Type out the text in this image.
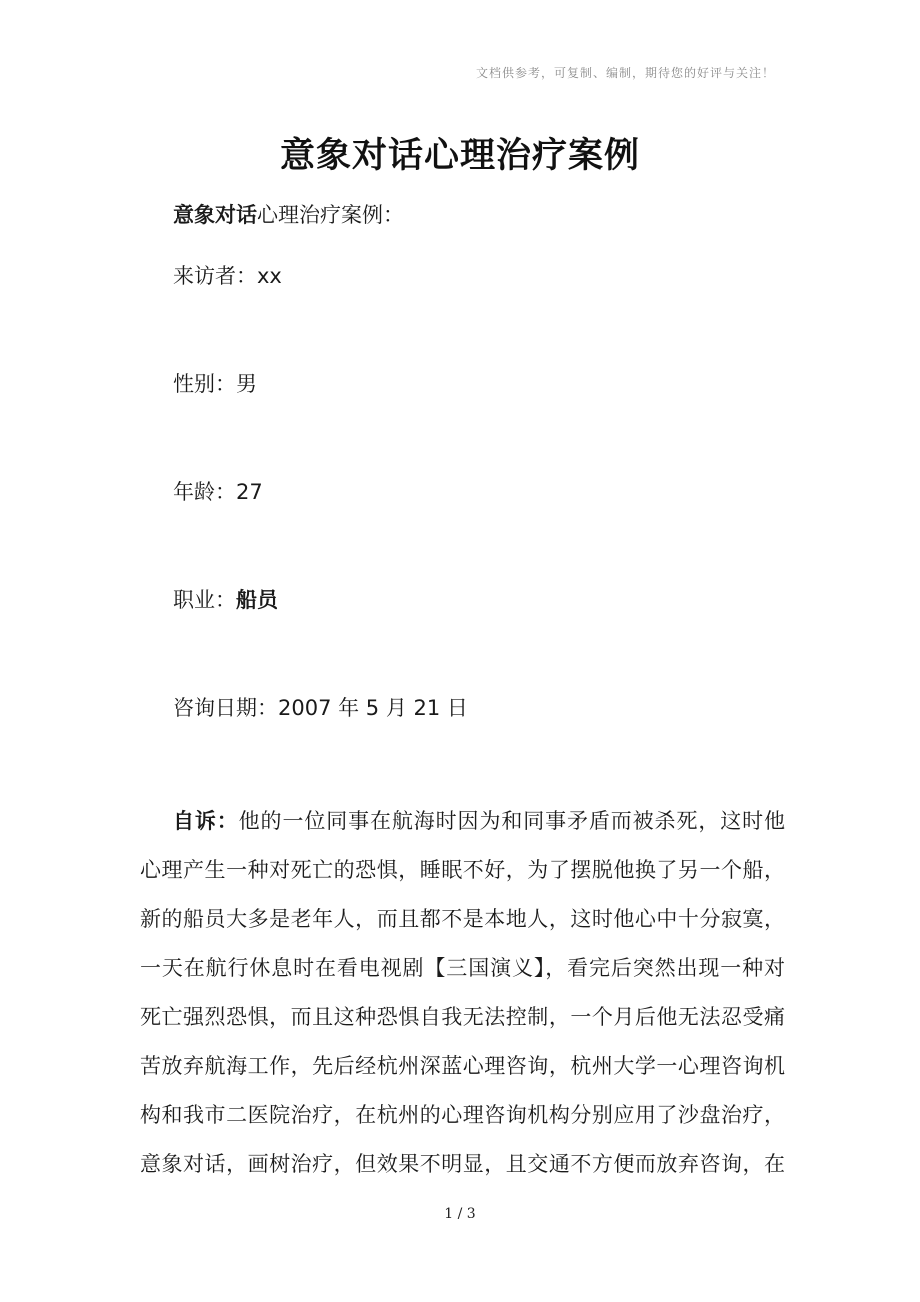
文档供参考，可复制、编制，期待您的好评与关注！
意象对话心理治疗案例
意象对话心理治疗案例：
来访者：xx
性别：男
年龄：27
职业：船员
咨询日期：2007 年 5 月 21 日
自诉：他的一位同事在航海时因为和同事矛盾而被杀死，这时他
心理产生一种对死亡的恐惧，睡眠不好，为了摆脱他换了另一个船，
新的船员大多是老年人，而且都不是本地人，这时他心中十分寂寞，
一天在航行休息时在看电视剧【三国演义】，看完后突然出现一种对
死亡强烈恐惧，而且这种恐惧自我无法控制，一个月后他无法忍受痛
苦放弃航海工作，先后经杭州深蓝心理咨询，杭州大学一心理咨询机
构和我市二医院治疗，在杭州的心理咨询机构分别应用了沙盘治疗，
意象对话，画树治疗，但效果不明显，且交通不方便而放弃咨询，在
1 / 3
